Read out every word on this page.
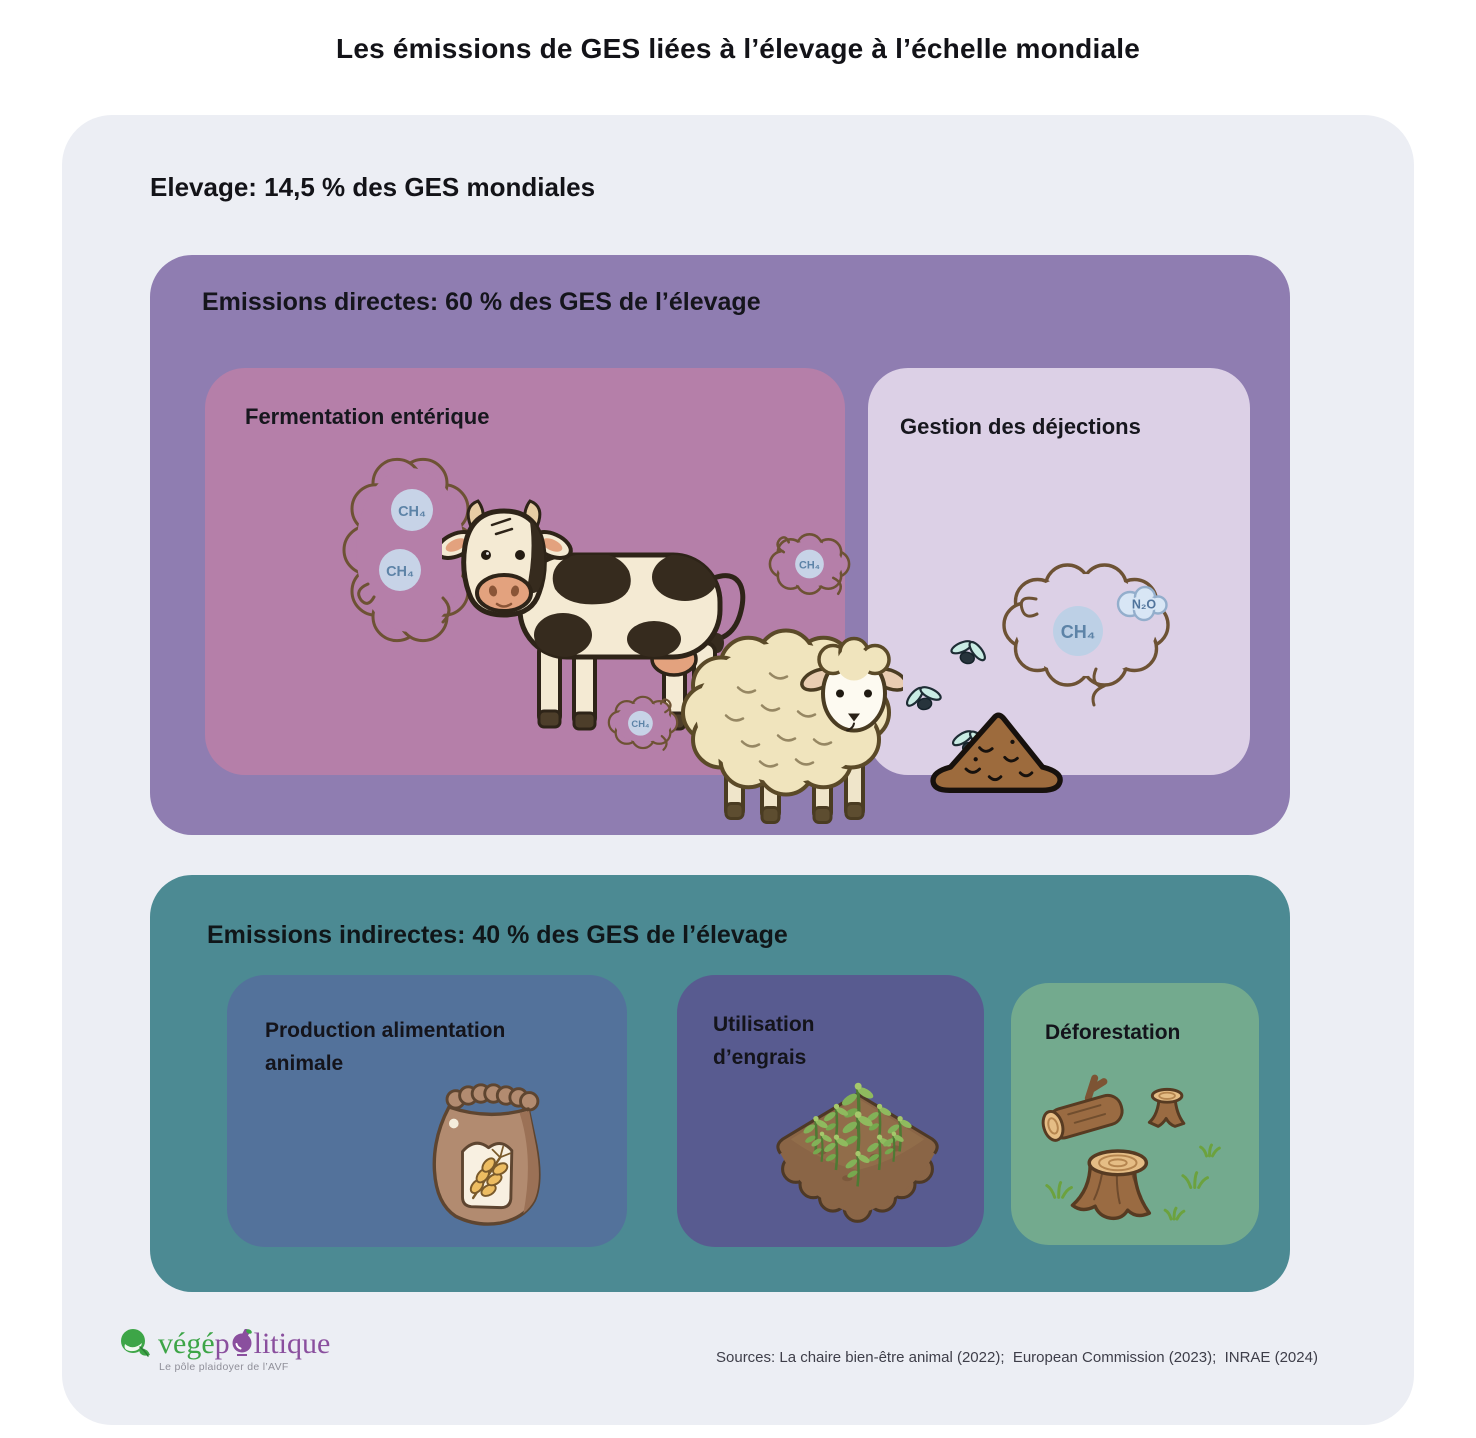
Les émissions de GES liées à l’élevage à l’échelle mondiale
Elevage: 14,5 % des GES mondiales
Emissions directes: 60 % des GES de l’élevage
Fermentation entérique	Gestion des déjections
CH₄
CH₄	CH₄
CH₄
CH₄
N₂O
Emissions indirectes: 40 % des GES de l’élevage
Production alimentation animale
Utilisation d’engrais
Déforestation
végé p litique
Le pôle plaidoyer de l’AVF
Sources: La chaire bien-être animal (2022);  European Commission (2023);  INRAE (2024)
